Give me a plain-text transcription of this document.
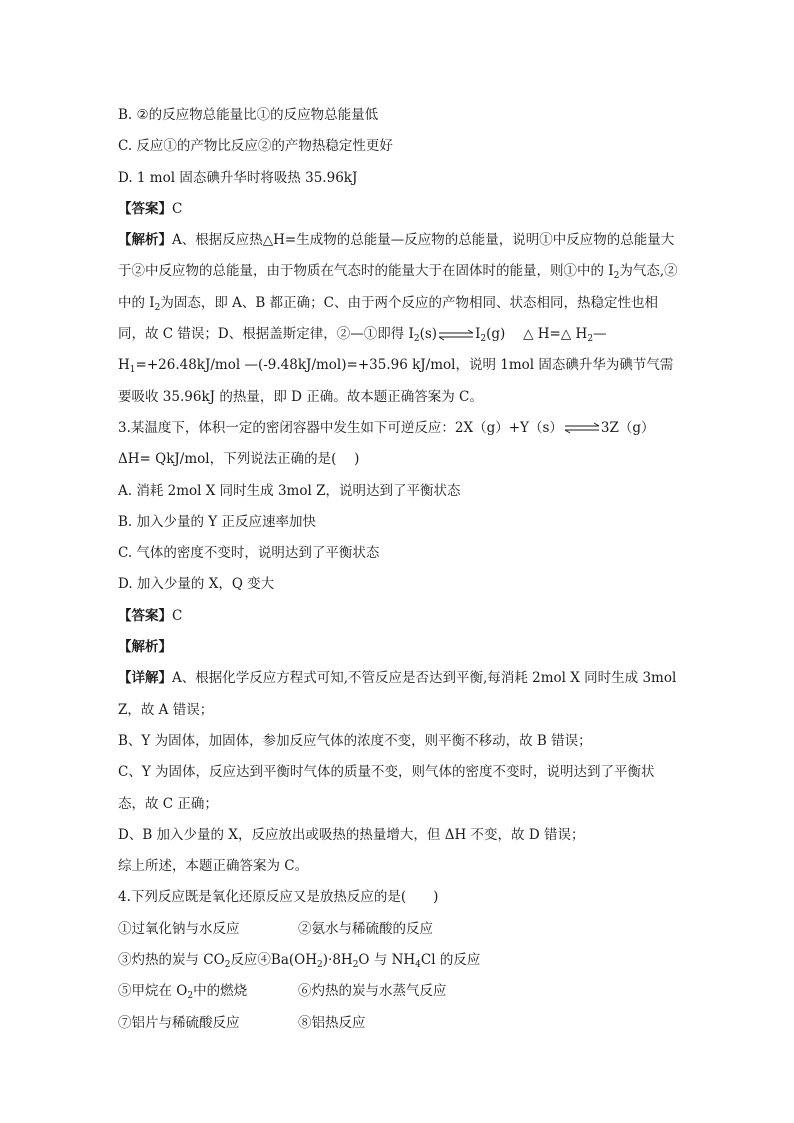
B. ②的反应物总能量比①的反应物总能量低
C. 反应①的产物比反应②的产物热稳定性更好
D. 1 mol 固态碘升华时将吸热 35.96kJ
【答案】C
【解析】A、根据反应热△H=生成物的总能量—反应物的总能量，说明①中反应物的总能量大于②中反应物的总能量，由于物质在气态时的能量大于在固体时的能量，则①中的 $I_2$为气态,②中的 $I_2$为固态，即 A、B 都正确；C、由于两个反应的产物相同、状态相同，热稳定性也相同，故 C 错误；D、根据盖斯定律，②—①即得 $I_2(s)\rightleftharpoons I_2(g)$　 △ H=△ $H_2—H_1=+26.48kJ$/mol —(-9.48kJ/mol)=+35.96 kJ/mol，说明 1mol 固态碘升华为碘节气需要吸收 35.96kJ 的热量，即 D 正确。故本题正确答案为 C。
3.某温度下，体积一定的密闭容器中发生如下可逆反应：2X（g）+Y（s）⇌3Z（g）
ΔH= QkJ/mol，下列说法正确的是(　 )
A. 消耗 2mol X 同时生成 3mol Z，说明达到了平衡状态
B. 加入少量的 Y 正反应速率加快
C. 气体的密度不变时，说明达到了平衡状态
D. 加入少量的 X，Q 变大
【答案】C
【解析】
【详解】A、根据化学反应方程式可知,不管反应是否达到平衡,每消耗 2mol X 同时生成 3mol Z，故 A 错误；
B、Y 为固体，加固体，参加反应气体的浓度不变，则平衡不移动，故 B 错误；
C、Y 为固体，反应达到平衡时气体的质量不变，则气体的密度不变时，说明达到了平衡状态，故 C 正确；
D、B 加入少量的 X，反应放出或吸热的热量增大，但 ΔH 不变，故 D 错误；
综上所述，本题正确答案为 C。
4.下列反应既是氧化还原反应又是放热反应的是(　　)
①过氧化钠与水反应	②氨水与稀硫酸的反应
③灼热的炭与 $CO_2$反应$④Ba(OH_2)\cdot 8H_2O$ 与 $NH_4Cl$ 的反应
⑤甲烷在 $O_2$中的燃烧	⑥灼热的炭与水蒸气反应
⑦铝片与稀硫酸反应	⑧铝热反应
